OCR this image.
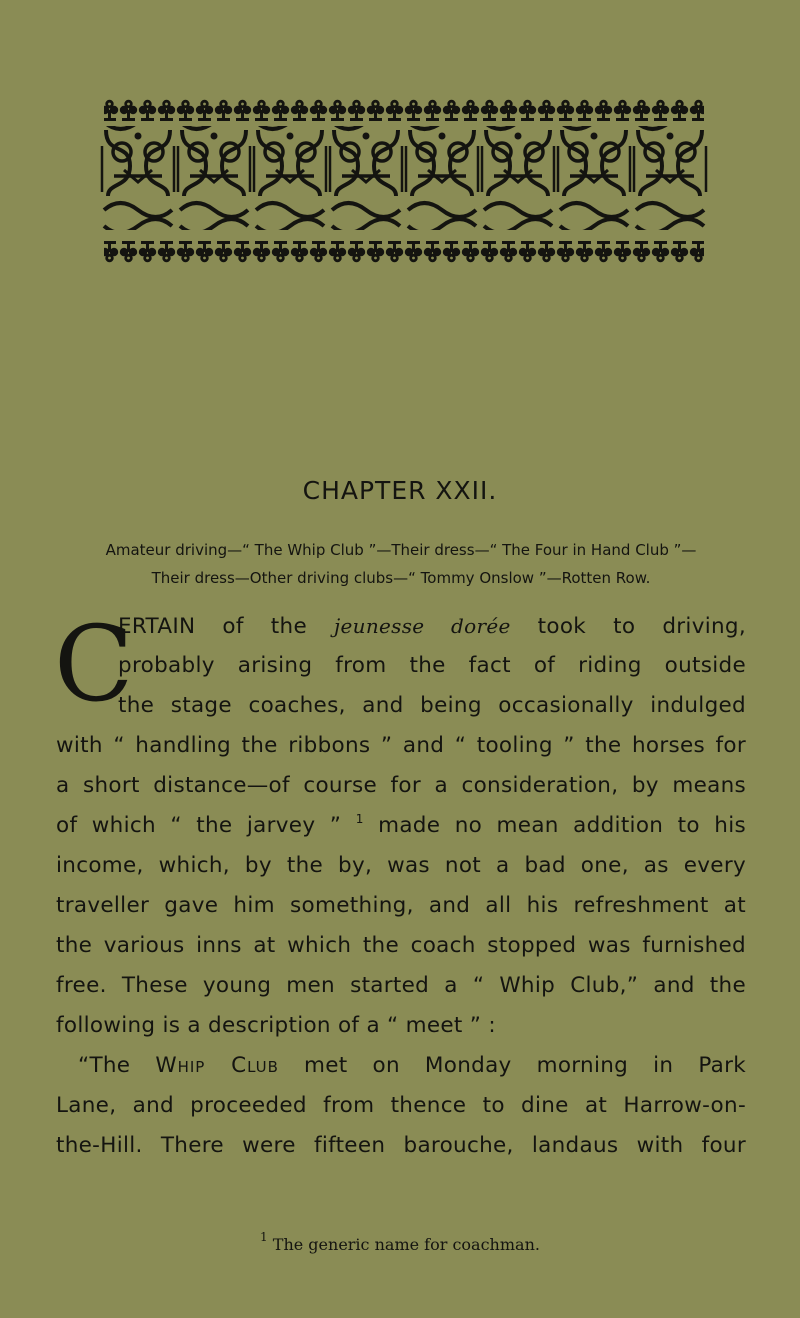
CHAPTER XXII.
Amateur driving—“ The Whip Club ”—Their dress—“ The Four in Hand Club ”—
Their dress—Other driving clubs—“ Tommy Onslow ”—Rotten Row.
C
ERTAIN of the jeunesse dorée took to driving,
probably arising from the fact of riding outside
the stage coaches, and being occasionally indulged
with “ handling the ribbons ” and “ tooling ” the horses for
a short distance—of course for a consideration, by means
of which “ the jarvey ” $^1$ made no mean addition to his
income, which, by the by, was not a bad one, as every
traveller gave him something, and all his refreshment at
the various inns at which the coach stopped was furnished
free. These young men started a “ Whip Club,” and the
following is a description of a “ meet ” :
“The Whip Club met on Monday morning in Park
Lane, and proceeded from thence to dine at Harrow-on-
the-Hill. There were fifteen barouche, landaus with four
$^1$ The generic name for coachman.
